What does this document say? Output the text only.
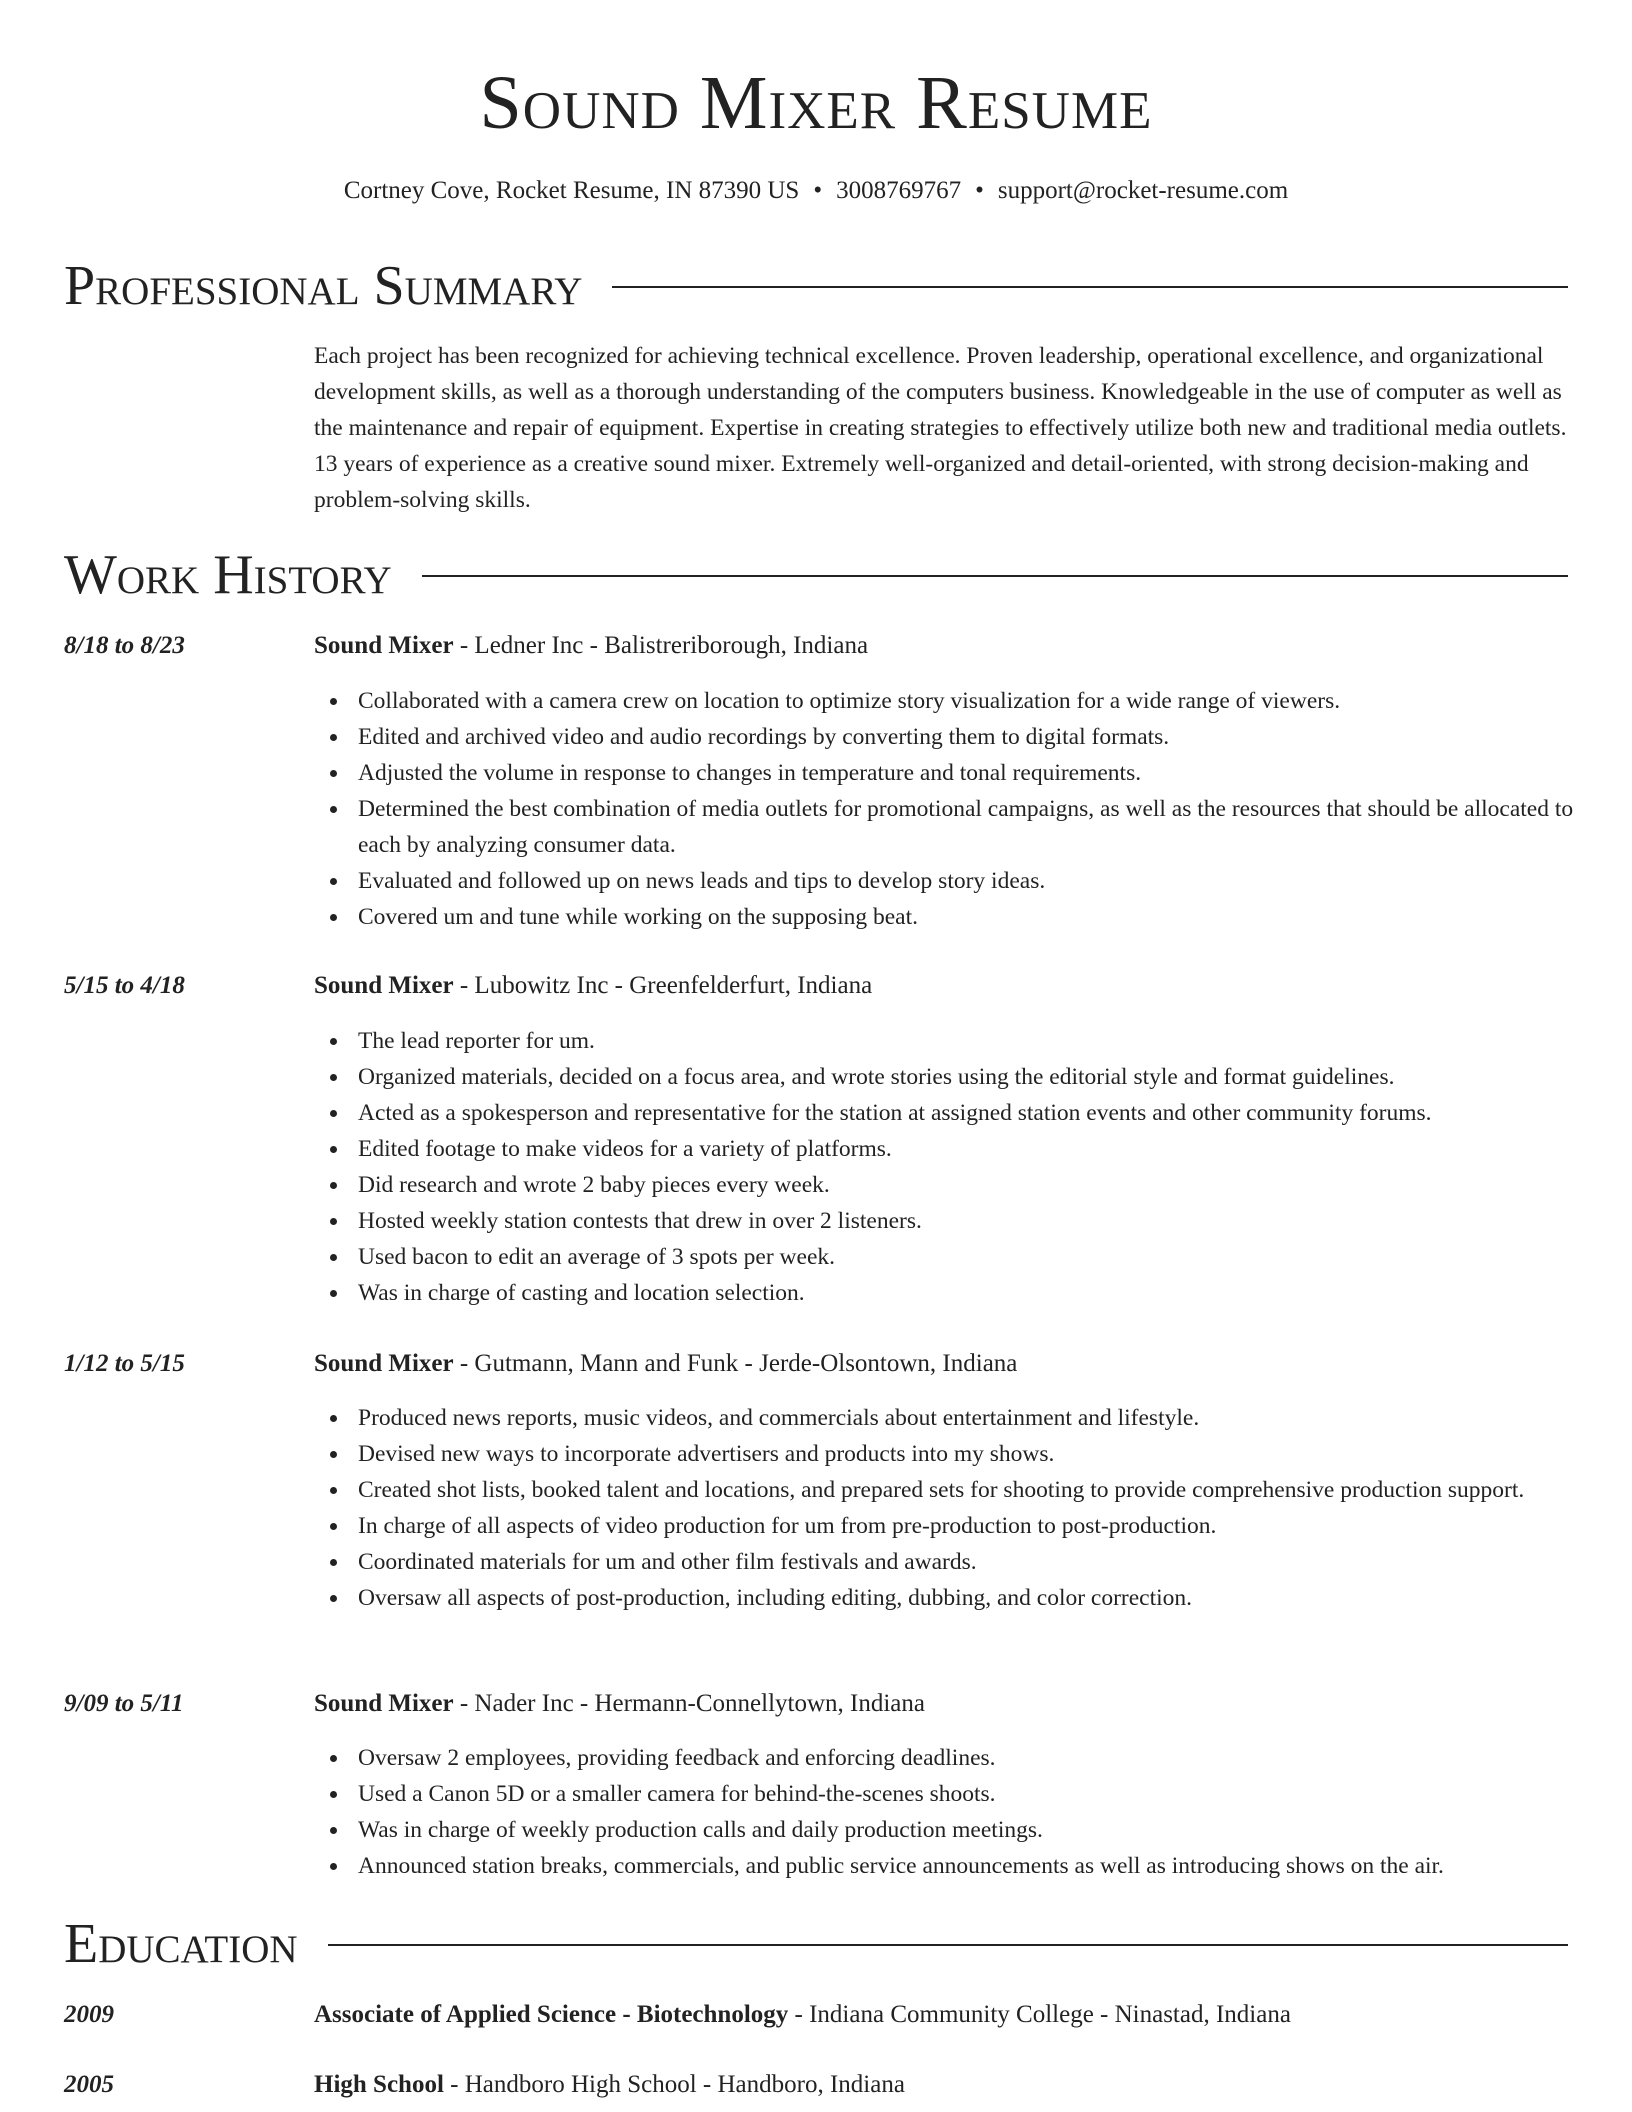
Sound Mixer Resume
Cortney Cove, Rocket Resume, IN 87390 US • 3008769767 • support@rocket-resume.com
Professional Summary
Each project has been recognized for achieving technical excellence. Proven leadership, operational excellence, and organizational development skills, as well as a thorough understanding of the computers business. Knowledgeable in the use of computer as well as the maintenance and repair of equipment. Expertise in creating strategies to effectively utilize both new and traditional media outlets. 13 years of experience as a creative sound mixer. Extremely well-organized and detail-oriented, with strong decision-making and problem-solving skills.
Work History
8/18 to 8/23	Sound Mixer - Ledner Inc - Balistreriborough, Indiana
Collaborated with a camera crew on location to optimize story visualization for a wide range of viewers.
Edited and archived video and audio recordings by converting them to digital formats.
Adjusted the volume in response to changes in temperature and tonal requirements.
Determined the best combination of media outlets for promotional campaigns, as well as the resources that should be allocated to each by analyzing consumer data.
Evaluated and followed up on news leads and tips to develop story ideas.
Covered um and tune while working on the supposing beat.
5/15 to 4/18	Sound Mixer - Lubowitz Inc - Greenfelderfurt, Indiana
The lead reporter for um.
Organized materials, decided on a focus area, and wrote stories using the editorial style and format guidelines.
Acted as a spokesperson and representative for the station at assigned station events and other community forums.
Edited footage to make videos for a variety of platforms.
Did research and wrote 2 baby pieces every week.
Hosted weekly station contests that drew in over 2 listeners.
Used bacon to edit an average of 3 spots per week.
Was in charge of casting and location selection.
1/12 to 5/15	Sound Mixer - Gutmann, Mann and Funk - Jerde-Olsontown, Indiana
Produced news reports, music videos, and commercials about entertainment and lifestyle.
Devised new ways to incorporate advertisers and products into my shows.
Created shot lists, booked talent and locations, and prepared sets for shooting to provide comprehensive production support.
In charge of all aspects of video production for um from pre-production to post-production.
Coordinated materials for um and other film festivals and awards.
Oversaw all aspects of post-production, including editing, dubbing, and color correction.
9/09 to 5/11	Sound Mixer - Nader Inc - Hermann-Connellytown, Indiana
Oversaw 2 employees, providing feedback and enforcing deadlines.
Used a Canon 5D or a smaller camera for behind-the-scenes shoots.
Was in charge of weekly production calls and daily production meetings.
Announced station breaks, commercials, and public service announcements as well as introducing shows on the air.
Education
2009	Associate of Applied Science - Biotechnology - Indiana Community College - Ninastad, Indiana
2005	High School - Handboro High School - Handboro, Indiana
